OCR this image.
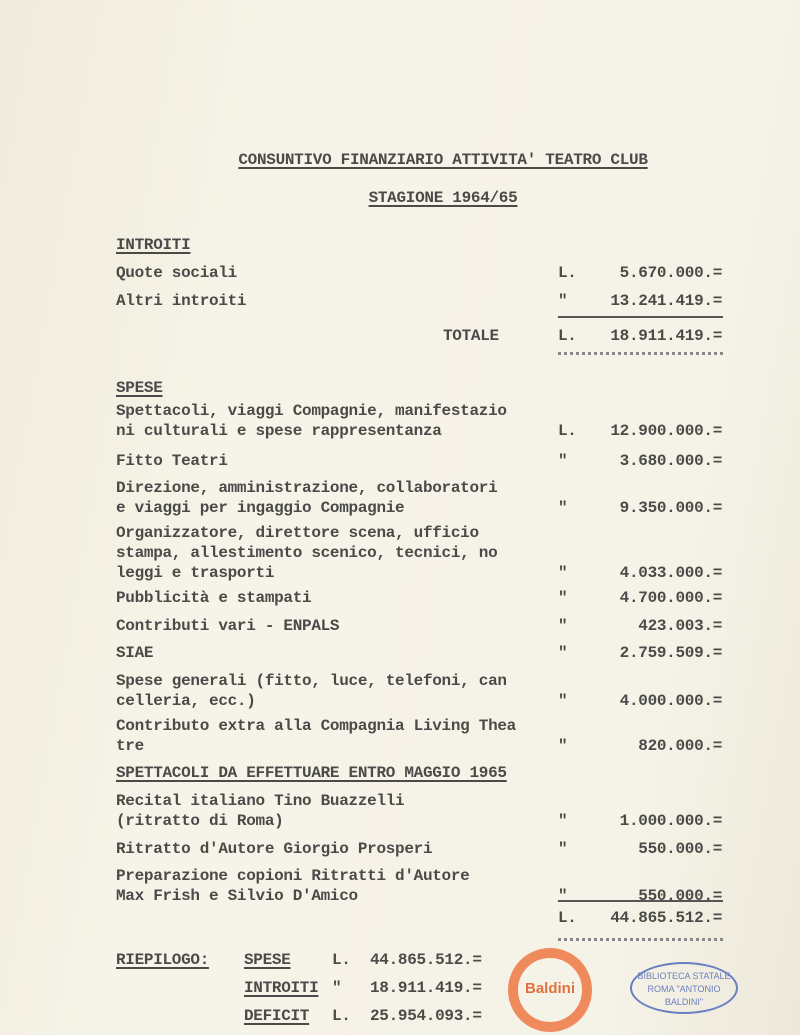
CONSUNTIVO FINANZIARIO ATTIVITA' TEATRO CLUB
STAGIONE 1964/65
INTROITI
Quote sociali	L.	5.670.000.=
Altri introiti	"	13.241.419.=
TOTALE	L. 18.911.419.=
SPESE
Spettacoli, viaggi Compagnie, manifestazio
ni culturali e spese rappresentanza	L. 12.900.000.=
Fitto Teatri	"	3.680.000.=
Direzione, amministrazione, collaboratori
e viaggi per ingaggio Compagnie	"	9.350.000.=
Organizzatore, direttore scena, ufficio
stampa, allestimento scenico, tecnici, no
leggi e trasporti	"	4.033.000.=
Pubblicità e stampati	"	4.700.000.=
Contributi vari - ENPALS	"	423.003.=
SIAE	"	2.759.509.=
Spese generali (fitto, luce, telefoni, can
celleria, ecc.)	"	4.000.000.=
Contributo extra alla Compagnia Living Thea
tre	"	820.000.=
SPETTACOLI DA EFFETTUARE ENTRO MAGGIO 1965
Recital italiano Tino Buazzelli
(ritratto di Roma)	"	1.000.000.=
Ritratto d'Autore Giorgio Prosperi	"	550.000.=
Preparazione copioni Ritratti d'Autore
Max Frish e Silvio D'Amico	"	550.000.=
L. 44.865.512.=
RIEPILOGO: SPESE	L. 44.865.512.=
INTROITI " 18.911.419.=
DEFICIT L. 25.954.093.=
Baldini
BIBLIOTECA STATALE ROMA "ANTONIO BALDINI"
